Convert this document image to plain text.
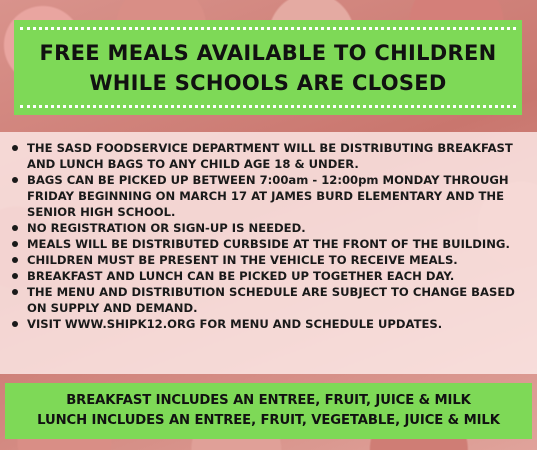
FREE MEALS AVAILABLE TO CHILDREN
WHILE SCHOOLS ARE CLOSED
THE SASD FOODSERVICE DEPARTMENT WILL BE DISTRIBUTING BREAKFAST AND LUNCH BAGS TO ANY CHILD AGE 18 & UNDER.
BAGS CAN BE PICKED UP BETWEEN 7:00am - 12:00pm MONDAY THROUGH FRIDAY BEGINNING ON MARCH 17 AT JAMES BURD ELEMENTARY AND THE SENIOR HIGH SCHOOL.
NO REGISTRATION OR SIGN-UP IS NEEDED.
MEALS WILL BE DISTRIBUTED CURBSIDE AT THE FRONT OF THE BUILDING.
CHILDREN MUST BE PRESENT IN THE VEHICLE TO RECEIVE MEALS.
BREAKFAST AND LUNCH CAN BE PICKED UP TOGETHER EACH DAY.
THE MENU AND DISTRIBUTION SCHEDULE ARE SUBJECT TO CHANGE BASED ON SUPPLY AND DEMAND.
VISIT WWW.SHIPK12.ORG FOR MENU AND SCHEDULE UPDATES.
BREAKFAST INCLUDES AN ENTREE, FRUIT, JUICE & MILK
LUNCH INCLUDES AN ENTREE, FRUIT, VEGETABLE, JUICE & MILK
